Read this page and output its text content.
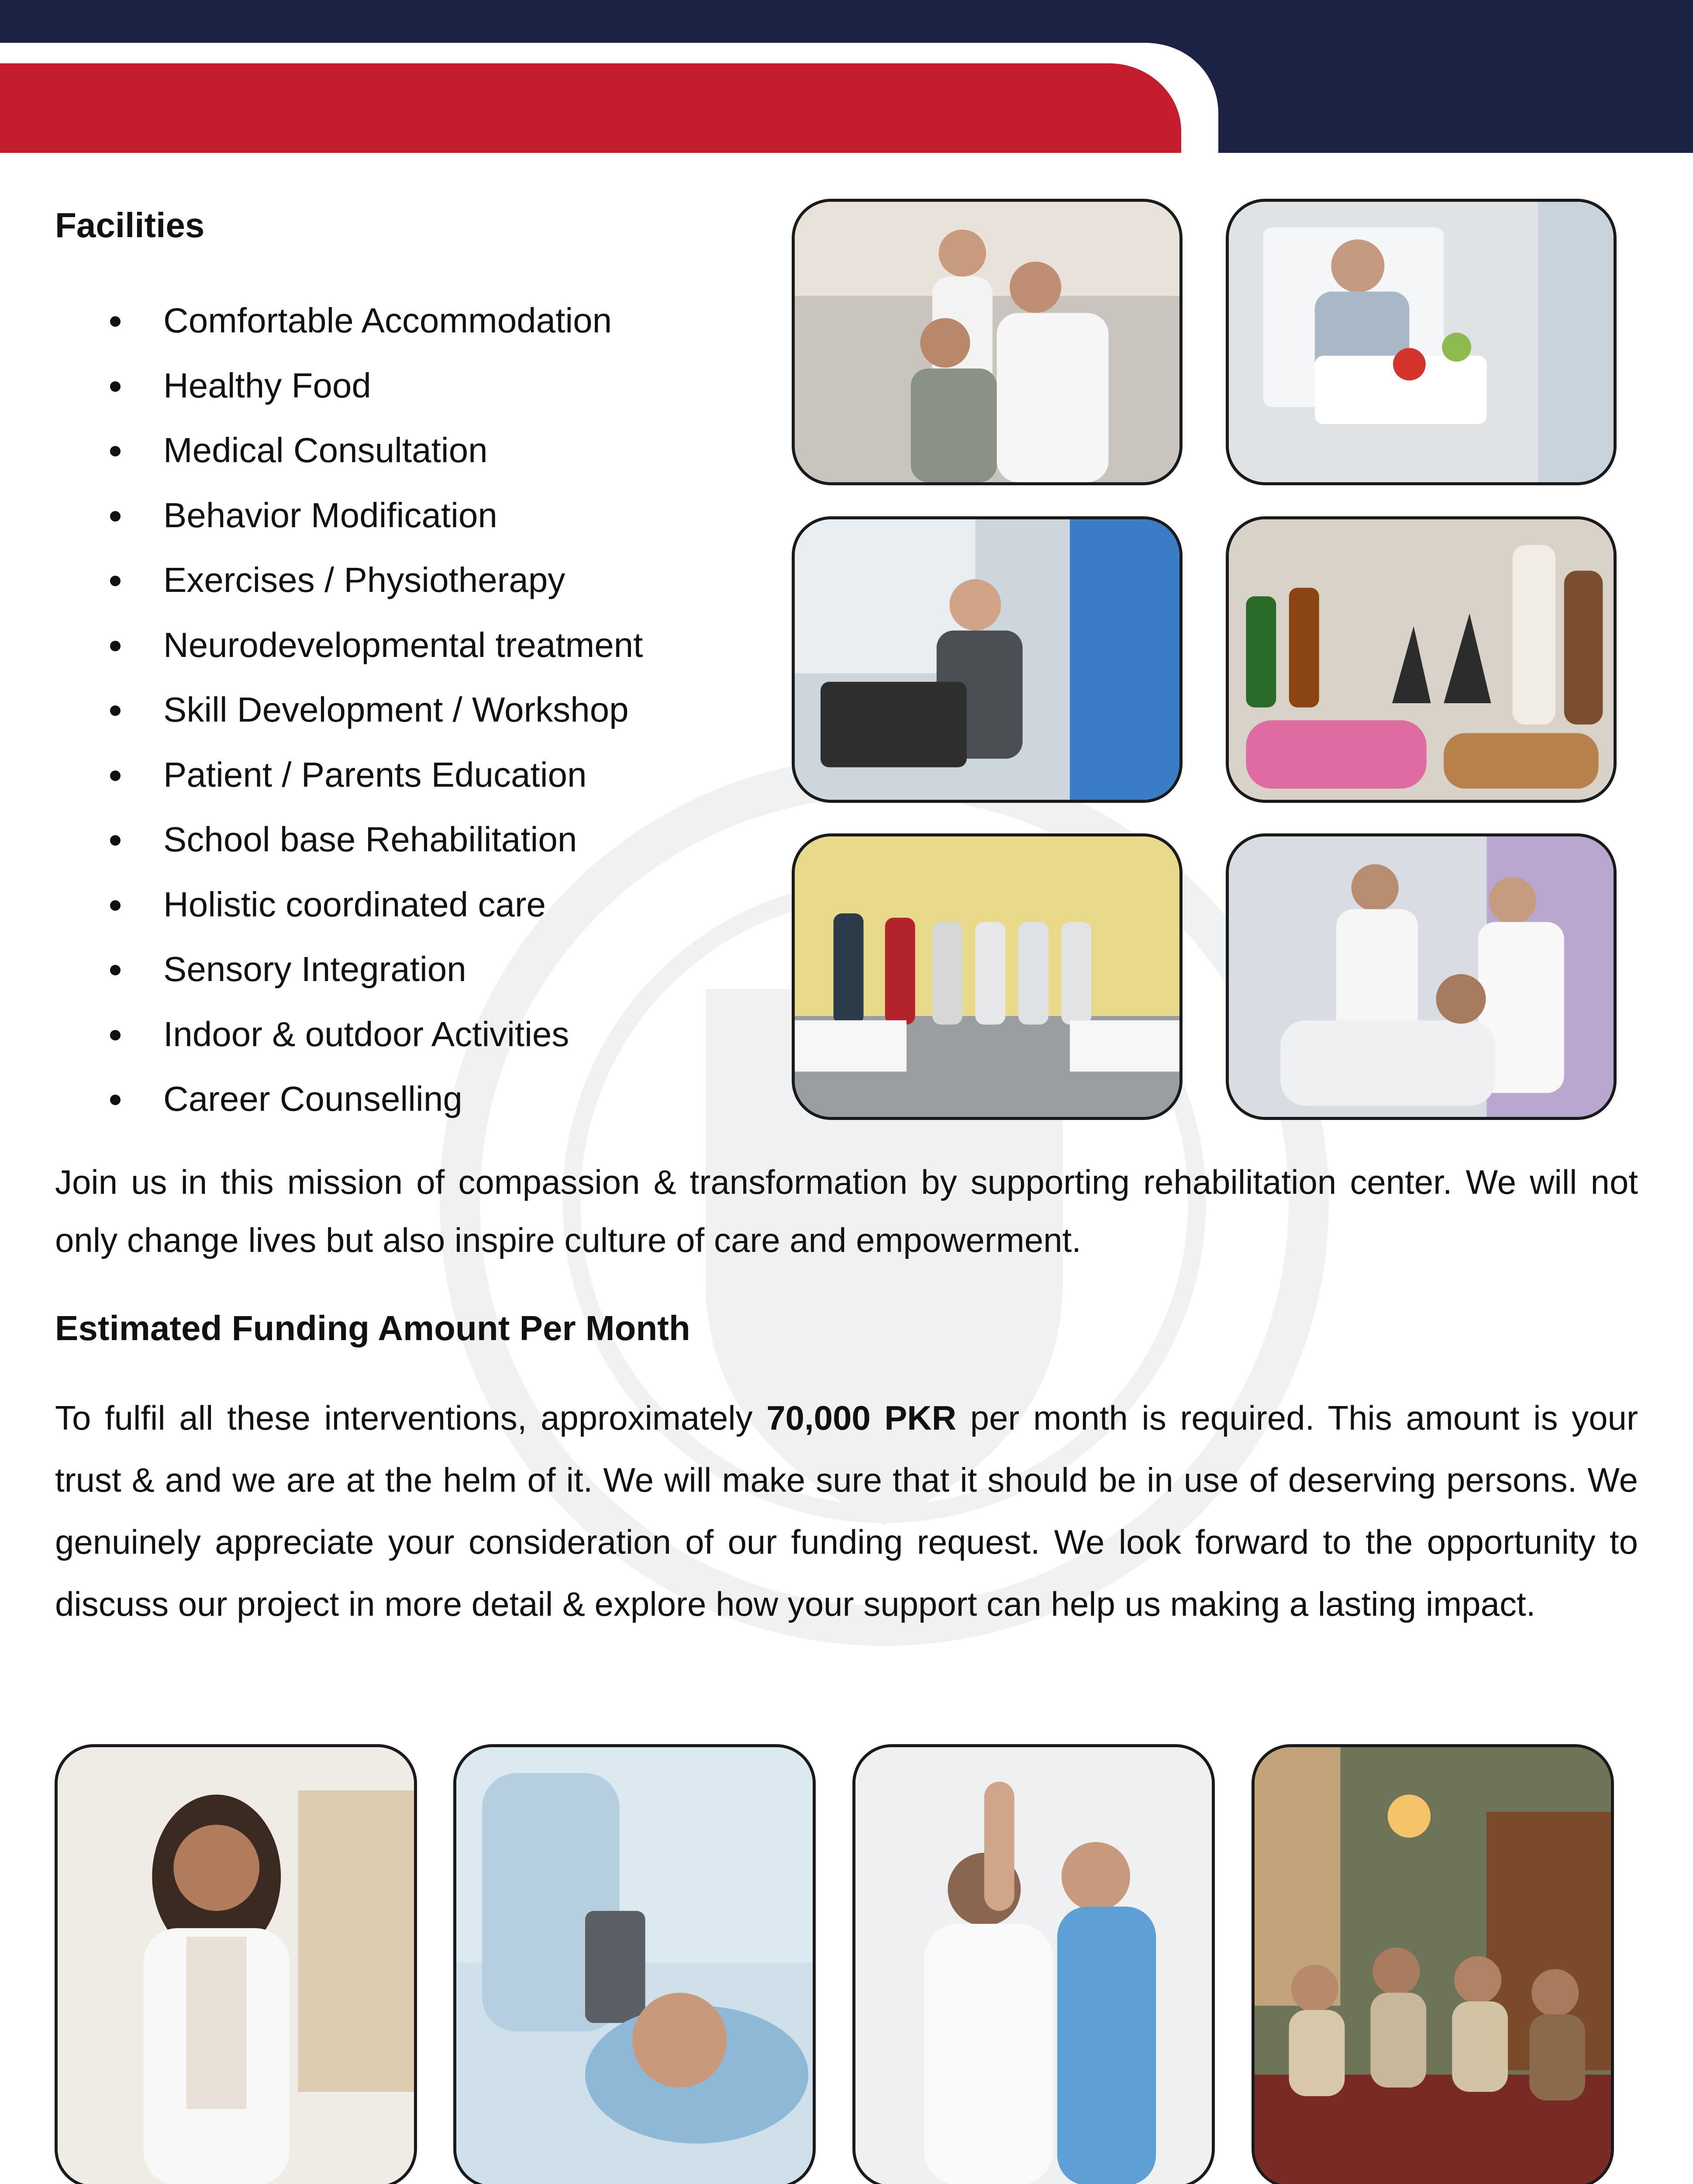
Facilities
Comfortable Accommodation
Healthy Food
Medical Consultation
Behavior Modification
Exercises / Physiotherapy
Neurodevelopmental treatment
Skill Development / Workshop
Patient / Parents Education
School base Rehabilitation
Holistic coordinated care
Sensory Integration
Indoor & outdoor Activities
Career Counselling

Join us in this mission of compassion & transformation by supporting rehabilitation center. We will not only change lives but also inspire culture of care and empowerment.

Estimated Funding Amount Per Month

To fulfil all these interventions, approximately 70,000 PKR per month is required. This amount is your trust & and we are at the helm of it. We will make sure that it should be in use of deserving persons. We genuinely appreciate your consideration of our funding request. We look forward to the opportunity to discuss our project in more detail & explore how your support can help us making a lasting impact.
